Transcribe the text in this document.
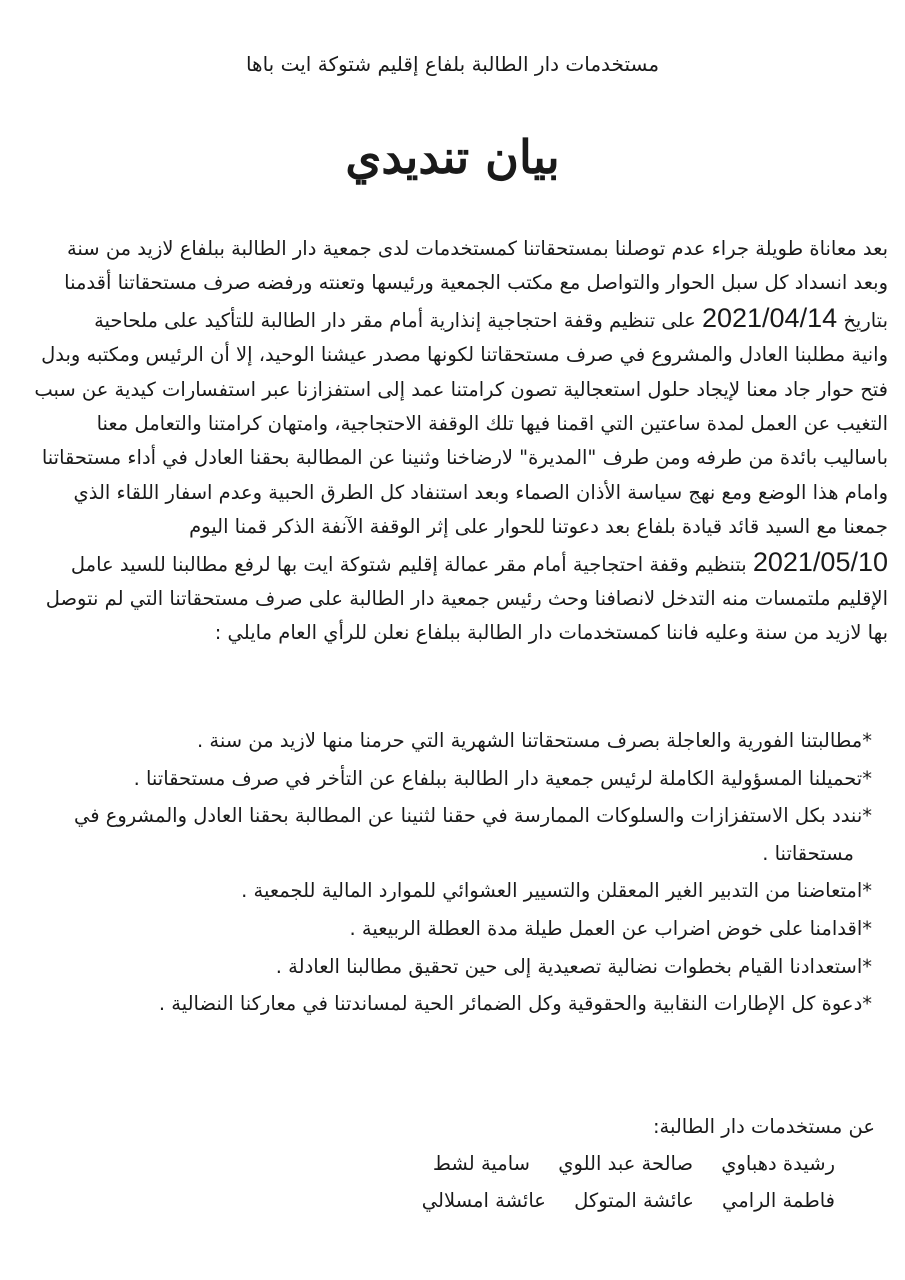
مستخدمات دار الطالبة بلفاع إقليم شتوكة ايت باها
بيان تنديدي
بعد معاناة طويلة جراء عدم توصلنا بمستحقاتنا كمستخدمات لدى جمعية دار الطالبة ببلفاع لازيد من سنة
وبعد انسداد كل سبل الحوار والتواصل مع مكتب الجمعية ورئيسها وتعنته ورفضه صرف مستحقاتنا أقدمنا
بتاريخ 2021/04/14 على تنظيم وقفة احتجاجية إنذارية أمام مقر دار الطالبة للتأكيد على ملحاحية
وانية مطلبنا العادل والمشروع في صرف مستحقاتنا لكونها مصدر عيشنا الوحيد، إلا أن الرئيس ومكتبه وبدل
فتح حوار جاد معنا لإيجاد حلول استعجالية تصون كرامتنا عمد إلى استفزازنا عبر استفسارات كيدية عن سبب
التغيب عن العمل لمدة ساعتين التي اقمنا فيها تلك الوقفة الاحتجاجية، وامتهان كرامتنا والتعامل معنا
باساليب بائدة من طرفه ومن طرف "المديرة" لارضاخنا وثنينا عن المطالبة بحقنا العادل في أداء مستحقاتنا
وامام هذا الوضع ومع نهج سياسة الأذان الصماء وبعد استنفاد كل الطرق الحبية وعدم اسفار اللقاء الذي
جمعنا مع السيد قائد قيادة بلفاع بعد دعوتنا للحوار على إثر الوقفة الآنفة الذكر قمنا اليوم
2021/05/10 بتنظيم وقفة احتجاجية أمام مقر عمالة إقليم شتوكة ايت بها لرفع مطالبنا للسيد عامل
الإقليم ملتمسات منه التدخل لانصافنا وحث رئيس جمعية دار الطالبة على صرف مستحقاتنا التي لم نتوصل
بها لازيد من سنة وعليه فاننا كمستخدمات دار الطالبة ببلفاع نعلن للرأي العام مايلي :
*مطالبتنا الفورية والعاجلة بصرف مستحقاتنا الشهرية التي حرمنا منها لازيد من سنة .
*تحميلنا المسؤولية الكاملة لرئيس جمعية دار الطالبة ببلفاع عن التأخر في صرف مستحقاتنا .
*نندد بكل الاستفزازات والسلوكات الممارسة في حقنا لثنينا عن المطالبة بحقنا العادل والمشروع في
مستحقاتنا .
*امتعاضنا من التدبير الغير المعقلن والتسيير العشوائي للموارد المالية للجمعية .
*اقدامنا على خوض اضراب عن العمل طيلة مدة العطلة الربيعية .
*استعدادنا القيام بخطوات نضالية تصعيدية إلى حين تحقيق مطالبنا العادلة .
*دعوة كل الإطارات النقابية والحقوقية وكل الضمائر الحية لمساندتنا في معاركنا النضالية .
عن مستخدمات دار الطالبة:
رشيدة دهباوي صالحة عبد اللوي سامية لشط
فاطمة الرامي عائشة المتوكل عائشة امسلالي
